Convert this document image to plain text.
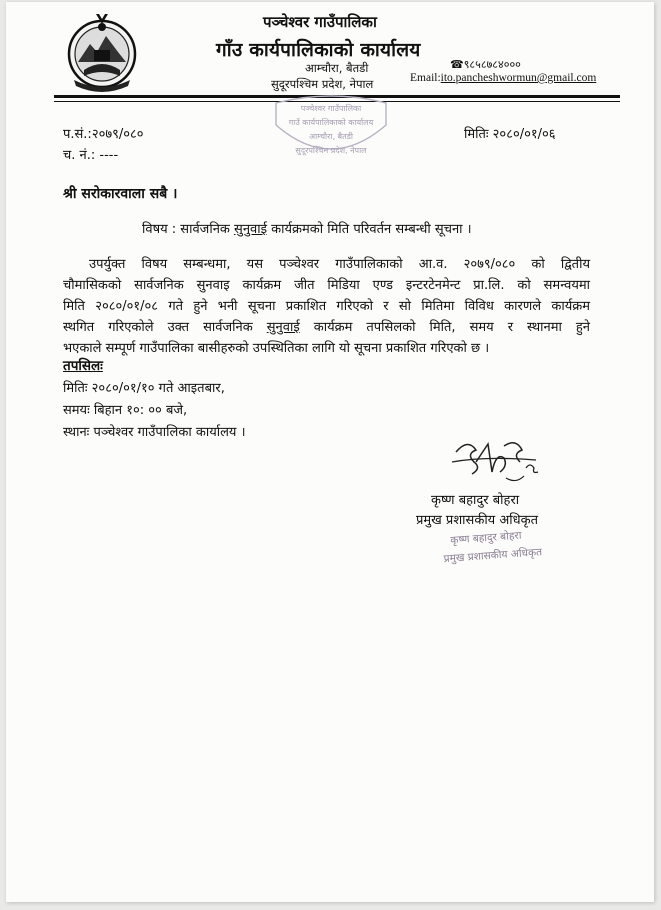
पञ्चेश्वर गाउँपालिका
गाँउ कार्यपालिकाको कार्यालय
आम्चौरा, बैतडी
सुदूरपश्चिम प्रदेश, नेपाल
☎९८५८७८४०००
Email:ito.pancheshwormun@gmail.com
पञ्चेश्वर गाउँपालिका
गाउँ कार्यपालिकाको कार्यालय
आम्चौरा, बैतडी
सुदूरपश्चिम प्रदेश, नेपाल
प.सं.:२०७९/०८०
च. नं.: ----
मितिः २०८०/०१/०६
श्री सरोकारवाला सबै ।
विषय : सार्वजनिक सुनुवाई कार्यक्रमको मिति परिवर्तन सम्बन्धी सूचना ।
उपर्युक्त विषय सम्बन्धमा, यस पञ्चेश्वर गाउँपालिकाको आ.व. २०७९/०८० को द्वितीय
चौमासिकको सार्वजनिक सुनवाइ कार्यक्रम जीत मिडिया एण्ड इन्टरटेनमेन्ट प्रा.लि. को समन्वयमा
मिति २०८०/०१/०८ गते हुने भनी सूचना प्रकाशित गरिएको र सो मितिमा विविध कारणले कार्यक्रम
स्थगित गरिएकोले उक्त सार्वजनिक सुनुवाई कार्यक्रम तपसिलको मिति, समय र स्थानमा हुने
भएकाले सम्पूर्ण गाउँपालिका बासीहरुको उपस्थितिका लागि यो सूचना प्रकाशित गरिएको छ ।
तपसिलः
मितिः २०८०/०१/१० गते आइतबार,
समयः बिहान १०: ०० बजे,
स्थानः पञ्चेश्वर गाउँपालिका कार्यालय ।
कृष्ण बहादुर बोहरा
प्रमुख प्रशासकीय अधिकृत
कृष्ण बहादुर बोहरा
प्रमुख प्रशासकीय अधिकृत
